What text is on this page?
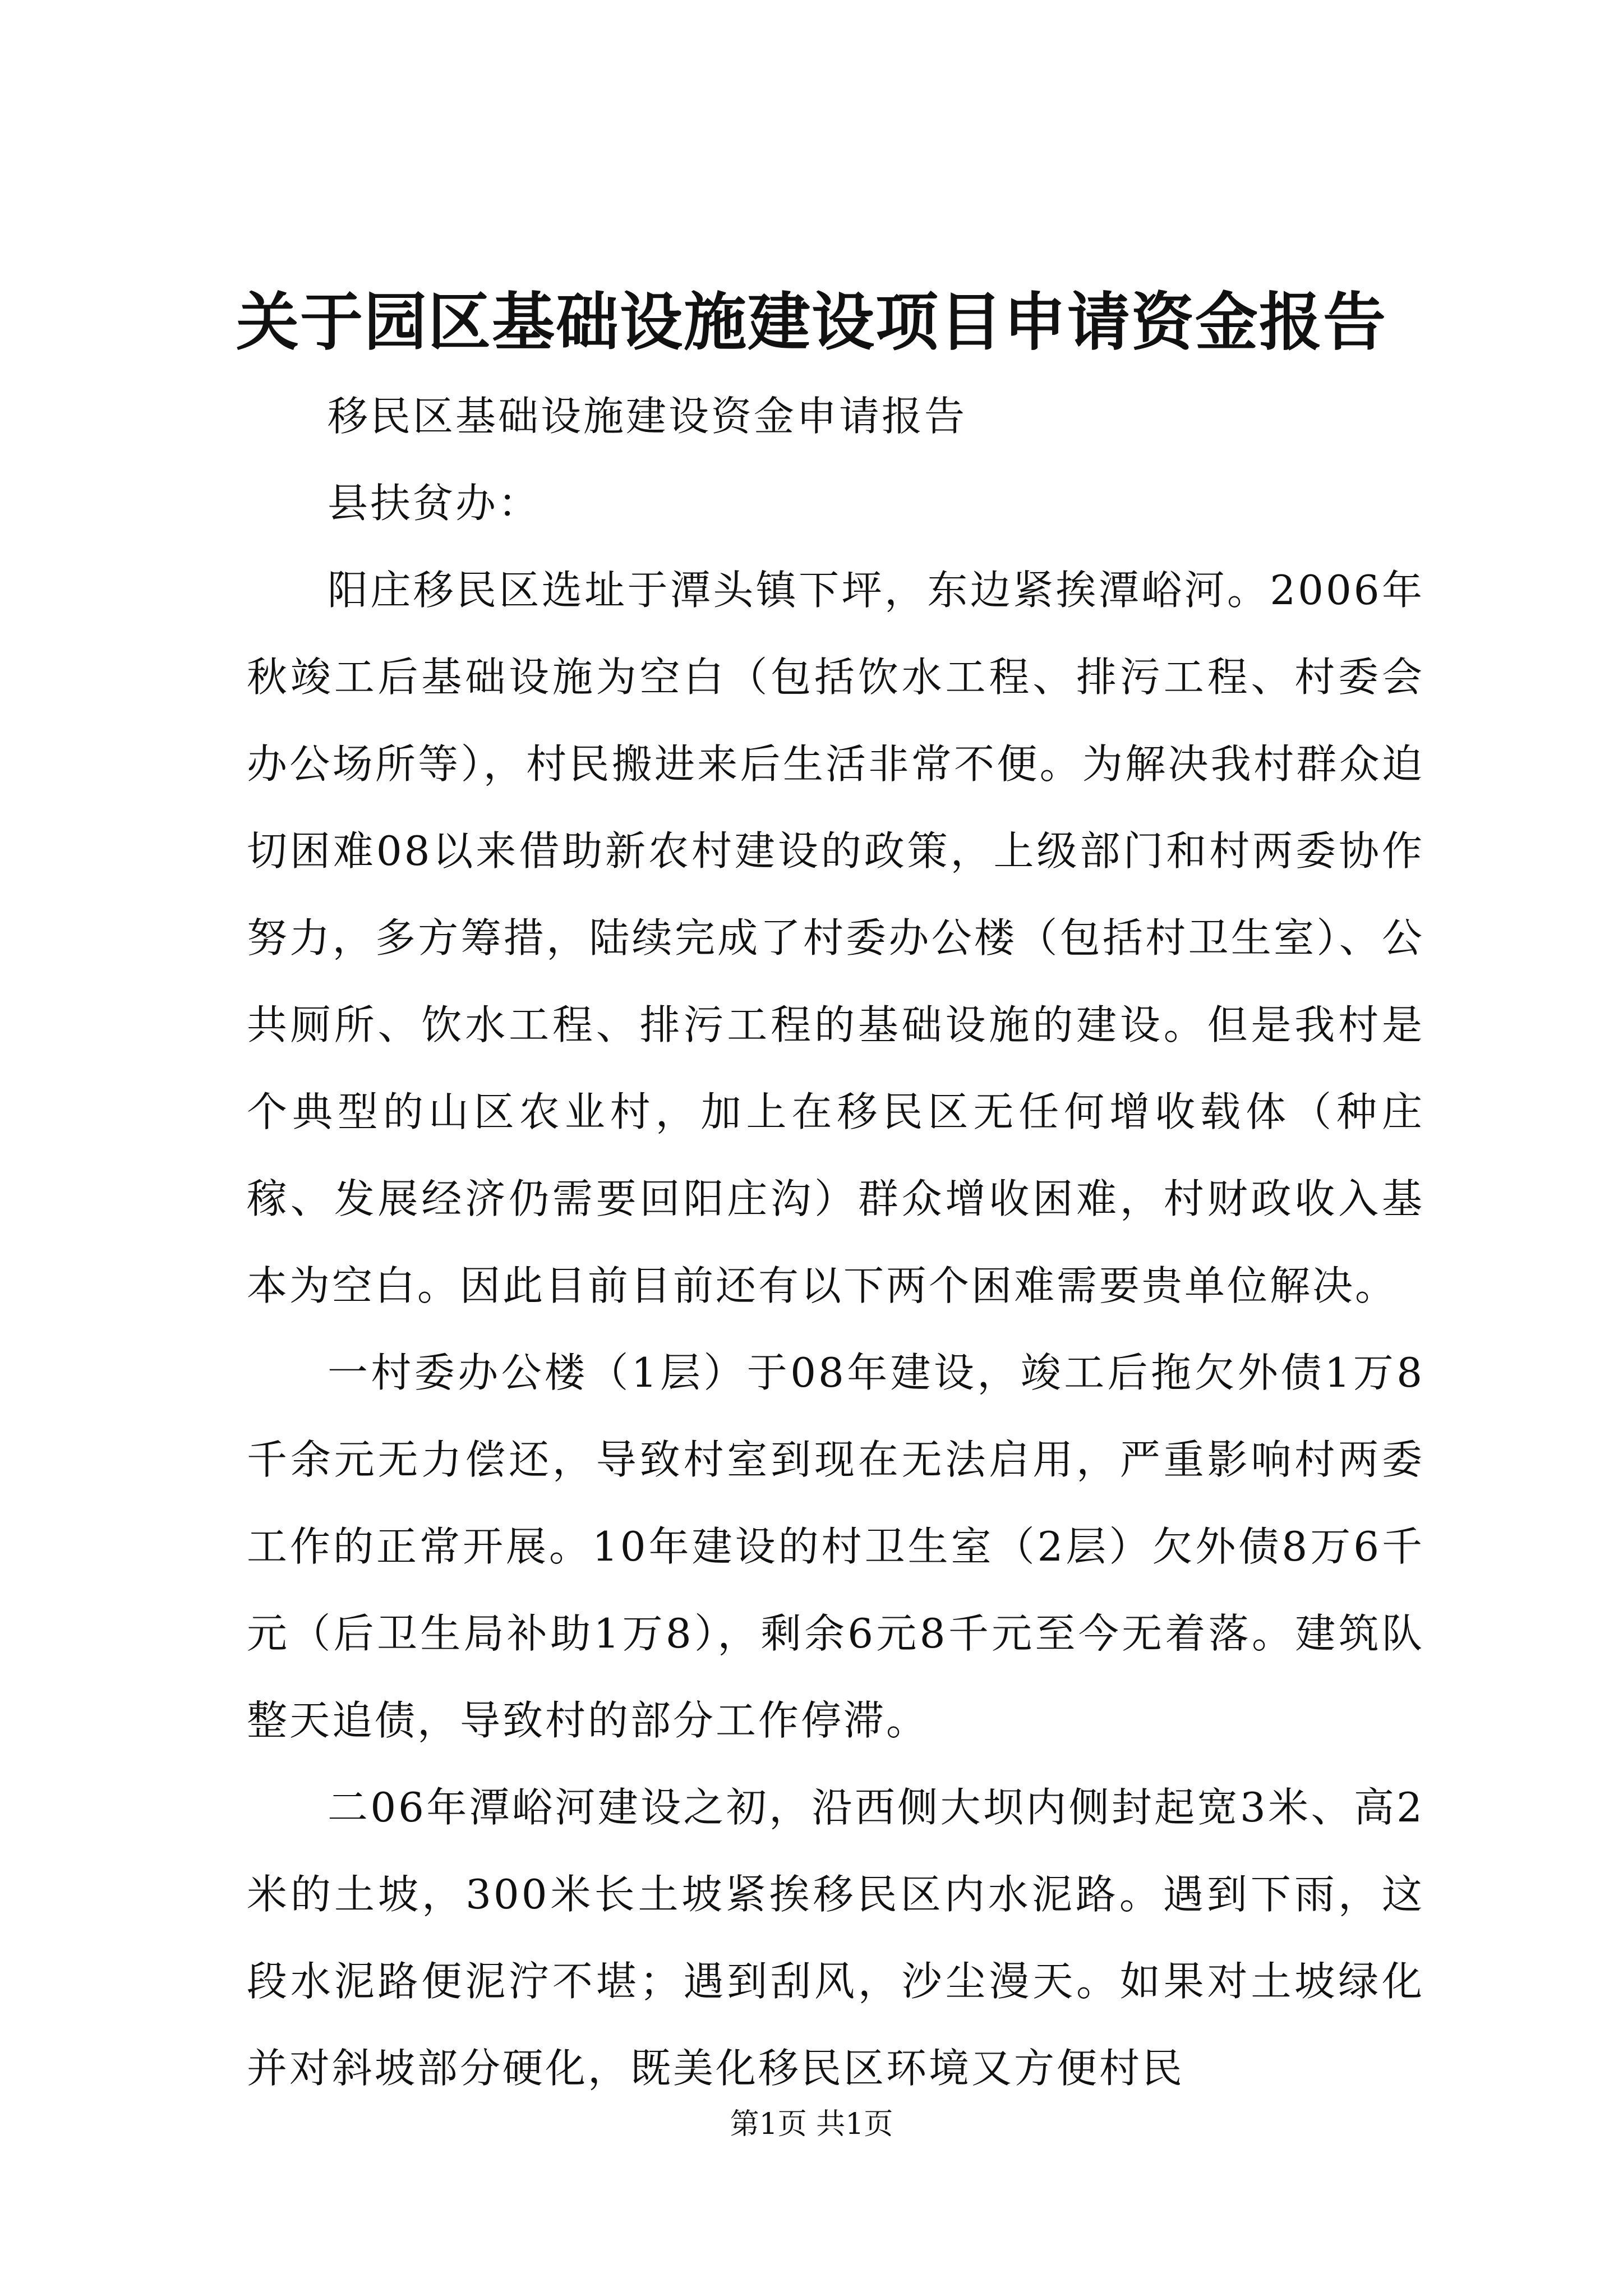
关于园区基础设施建设项目申请资金报告

移民区基础设施建设资金申请报告

县扶贫办：

阳庄移民区选址于潭头镇下坪，东边紧挨潭峪河。2006年秋竣工后基础设施为空白（包括饮水工程、排污工程、村委会办公场所等），村民搬进来后生活非常不便。为解决我村群众迫切困难08以来借助新农村建设的政策，上级部门和村两委协作努力，多方筹措，陆续完成了村委办公楼（包括村卫生室）、公共厕所、饮水工程、排污工程的基础设施的建设。但是我村是个典型的山区农业村，加上在移民区无任何增收载体（种庄稼、发展经济仍需要回阳庄沟）群众增收困难，村财政收入基本为空白。因此目前目前还有以下两个困难需要贵单位解决。

一村委办公楼（1层）于08年建设，竣工后拖欠外债1万8千余元无力偿还，导致村室到现在无法启用，严重影响村两委工作的正常开展。10年建设的村卫生室（2层）欠外债8万6千元（后卫生局补助1万8），剩余6元8千元至今无着落。建筑队整天追债，导致村的部分工作停滞。

二06年潭峪河建设之初，沿西侧大坝内侧封起宽3米、高2米的土坡，300米长土坡紧挨移民区内水泥路。遇到下雨，这段水泥路便泥泞不堪；遇到刮风，沙尘漫天。如果对土坡绿化并对斜坡部分硬化，既美化移民区环境又方便村民

第1页 共1页
